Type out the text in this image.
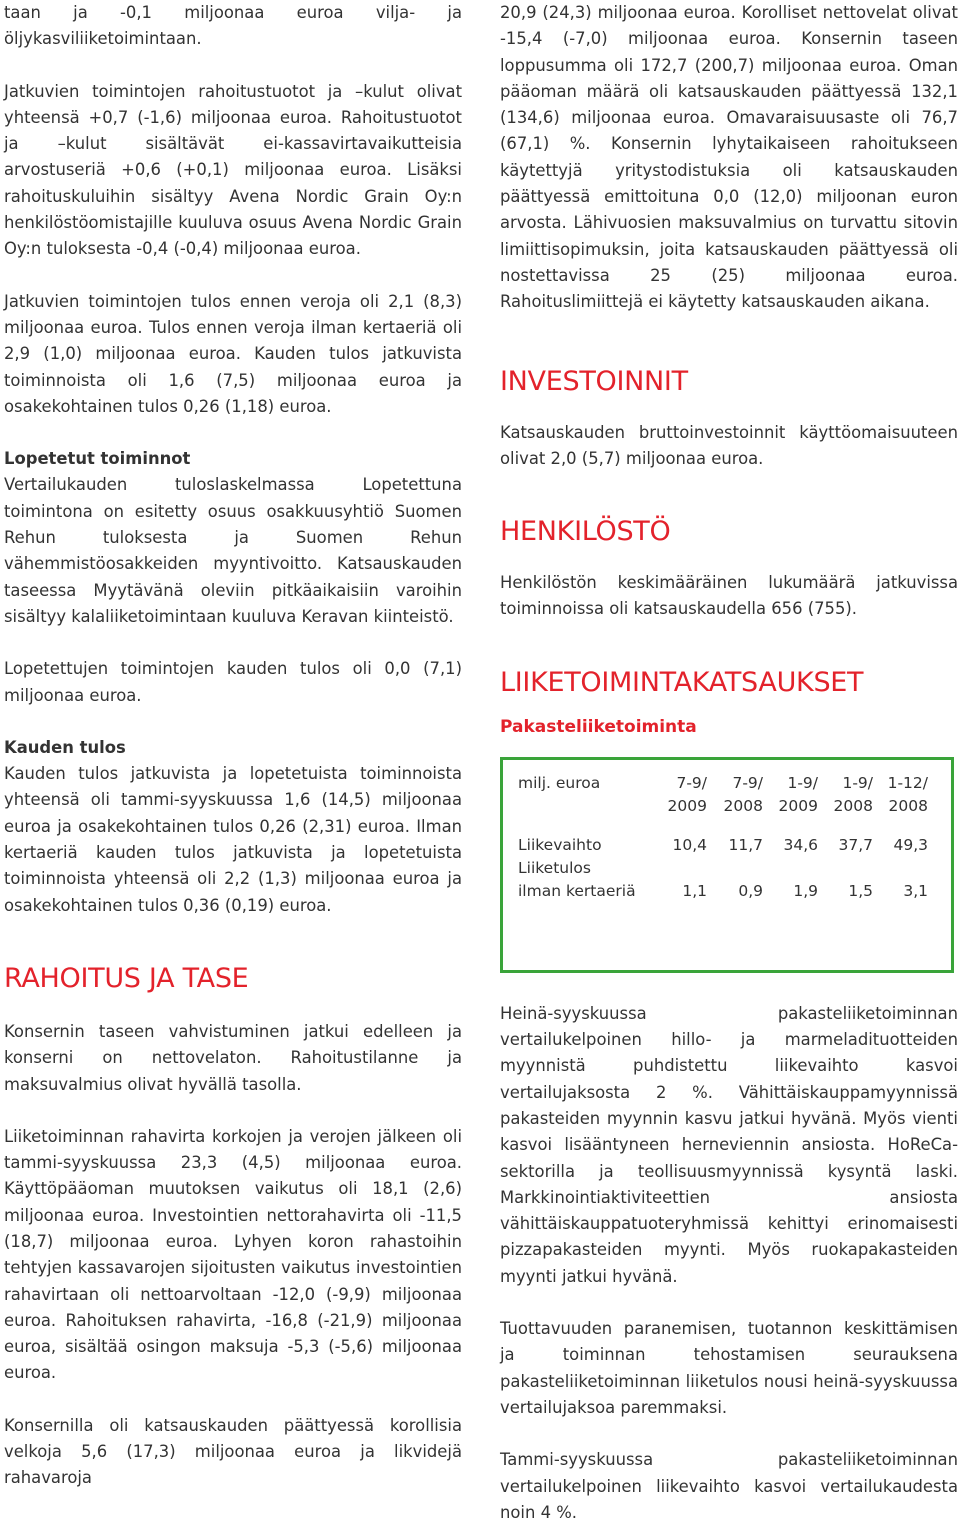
taan ja -0,1 miljoonaa euroa vilja- ja öljykasviliiketoimintaan.

Jatkuvien toimintojen rahoitustuotot ja –kulut olivat yhteensä +0,7 (-1,6) miljoonaa euroa. Rahoitustuotot ja –kulut sisältävät ei-kassavirtavaikutteisia arvostuseriä +0,6 (+0,1) miljoonaa euroa. Lisäksi rahoituskuluihin sisältyy Avena Nordic Grain Oy:n henkilöstöomistajille kuuluva osuus Avena Nordic Grain Oy:n tuloksesta -0,4 (-0,4) miljoonaa euroa.

Jatkuvien toimintojen tulos ennen veroja oli 2,1 (8,3) miljoonaa euroa. Tulos ennen veroja ilman kertaeriä oli 2,9 (1,0) miljoonaa euroa. Kauden tulos jatkuvista toiminnoista oli 1,6 (7,5) miljoonaa euroa ja osakekohtainen tulos 0,26 (1,18) euroa.

Lopetetut toiminnot

Vertailukauden tuloslaskelmassa Lopetettuna toimintona on esitetty osuus osakkuusyhtiö Suomen Rehun tuloksesta ja Suomen Rehun vähemmistöosakkeiden myyntivoitto. Katsauskauden taseessa Myytävänä oleviin pitkäaikaisiin varoihin sisältyy kalaliiketoimintaan kuuluva Keravan kiinteistö.

Lopetettujen toimintojen kauden tulos oli 0,0 (7,1) miljoonaa euroa.

Kauden tulos

Kauden tulos jatkuvista ja lopetetuista toiminnoista yhteensä oli tammi-syyskuussa 1,6 (14,5) miljoonaa euroa ja osakekohtainen tulos 0,26 (2,31) euroa. Ilman kertaeriä kauden tulos jatkuvista ja lopetetuista toiminnoista yhteensä oli 2,2 (1,3) miljoonaa euroa ja osakekohtainen tulos 0,36 (0,19) euroa.

RAHOITUS JA TASE

Konsernin taseen vahvistuminen jatkui edelleen ja konserni on nettovelaton. Rahoitustilanne ja maksuvalmius olivat hyvällä tasolla.

Liiketoiminnan rahavirta korkojen ja verojen jälkeen oli tammi-syyskuussa 23,3 (4,5) miljoonaa euroa. Käyttöpääoman muutoksen vaikutus oli 18,1 (2,6) miljoonaa euroa. Investointien nettorahavirta oli -11,5 (18,7) miljoonaa euroa. Lyhyen koron rahastoihin tehtyjen kassavarojen sijoitusten vaikutus investointien rahavirtaan oli nettoarvoltaan -12,0 (-9,9) miljoonaa euroa. Rahoituksen rahavirta, -16,8 (-21,9) miljoonaa euroa, sisältää osingon maksuja -5,3 (-5,6) miljoonaa euroa.

Konsernilla oli katsauskauden päättyessä korollisia velkoja 5,6 (17,3) miljoonaa euroa ja likvidejä rahavaroja

20,9 (24,3) miljoonaa euroa. Korolliset nettovelat olivat -15,4 (-7,0) miljoonaa euroa. Konsernin taseen loppusumma oli 172,7 (200,7) miljoonaa euroa. Oman pääoman määrä oli katsauskauden päättyessä 132,1 (134,6) miljoonaa euroa. Omavaraisuusaste oli 76,7 (67,1) %. Konsernin lyhytaikaiseen rahoitukseen käytettyjä yritystodistuksia oli katsauskauden päättyessä emittoituna 0,0 (12,0) miljoonan euron arvosta. Lähivuosien maksuvalmius on turvattu sitovin limiittisopimuksin, joita katsauskauden päättyessä oli nostettavissa 25 (25) miljoonaa euroa. Rahoituslimiittejä ei käytetty katsauskauden aikana.

INVESTOINNIT

Katsauskauden bruttoinvestoinnit käyttöomaisuuteen olivat 2,0 (5,7) miljoonaa euroa.

HENKILÖSTÖ

Henkilöstön keskimääräinen lukumäärä jatkuvissa toiminnoissa oli katsauskaudella 656 (755).

LIIKETOIMINTAKATSAUKSET
Pakasteliiketoiminta
milj. euroa	7-9/ 7-9/ 1-9/ 1-9/ 1-12/
2009 2008 2009 2008 2008
Liikevaihto	10,4 11,7 34,6 37,7 49,3
Liiketulos
ilman kertaeriä	1,1 0,9 1,9 1,5 3,1

Heinä-syyskuussa pakasteliiketoiminnan vertailukelpoinen hillo- ja marmeladituotteiden myynnistä puhdistettu liikevaihto kasvoi vertailujaksosta 2 %. Vähittäiskauppamyynnissä pakasteiden myynnin kasvu jatkui hyvänä. Myös vienti kasvoi lisääntyneen herneviennin ansiosta. HoReCa-sektorilla ja teollisuusmyynnissä kysyntä laski. Markkinointiaktiviteettien ansiosta vähittäiskauppatuoteryhmissä kehittyi erinomaisesti pizzapakasteiden myynti. Myös ruokapakasteiden myynti jatkui hyvänä.

Tuottavuuden paranemisen, tuotannon keskittämisen ja toiminnan tehostamisen seurauksena pakasteliiketoiminnan liiketulos nousi heinä-syyskuussa vertailujaksoa paremmaksi.

Tammi-syyskuussa pakasteliiketoiminnan vertailukelpoinen liikevaihto kasvoi vertailukaudesta noin 4 %.
